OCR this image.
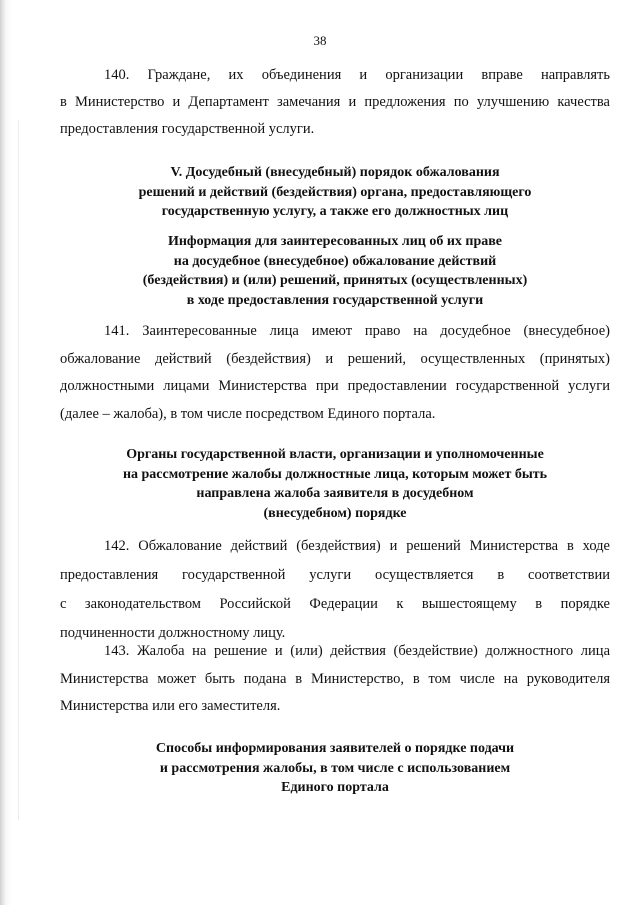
38
140.  Граждане,  их  объединения  и  организации  вправе  направлять
в Министерство и Департамент замечания и предложения по улучшению качества
предоставления государственной услуги.
V. Досудебный (внесудебный) порядок обжалования
решений и действий (бездействия) органа, предоставляющего
государственную услугу, а также его должностных лиц
Информация для заинтересованных лиц об их праве
на досудебное (внесудебное) обжалование действий
(бездействия) и (или) решений, принятых (осуществленных)
в ходе предоставления государственной услуги
141. Заинтересованные лица имеют право на досудебное (внесудебное)
обжалование действий (бездействия) и решений, осуществленных (принятых)
должностными лицами Министерства при предоставлении государственной услуги
(далее – жалоба), в том числе посредством Единого портала.
Органы государственной власти, организации и уполномоченные
на рассмотрение жалобы должностные лица, которым может быть
направлена жалоба заявителя в досудебном
(внесудебном) порядке
142. Обжалование действий (бездействия) и решений Министерства в ходе
предоставления   государственной   услуги   осуществляется   в   соответствии
с  законодательством  Российской  Федерации  к  вышестоящему  в  порядке
подчиненности должностному лицу.
143. Жалоба на решение и (или) действия (бездействие) должностного лица
Министерства может быть подана в Министерство, в том числе на руководителя
Министерства или его заместителя.
Способы информирования заявителей о порядке подачи
и рассмотрения жалобы, в том числе с использованием
Единого портала
